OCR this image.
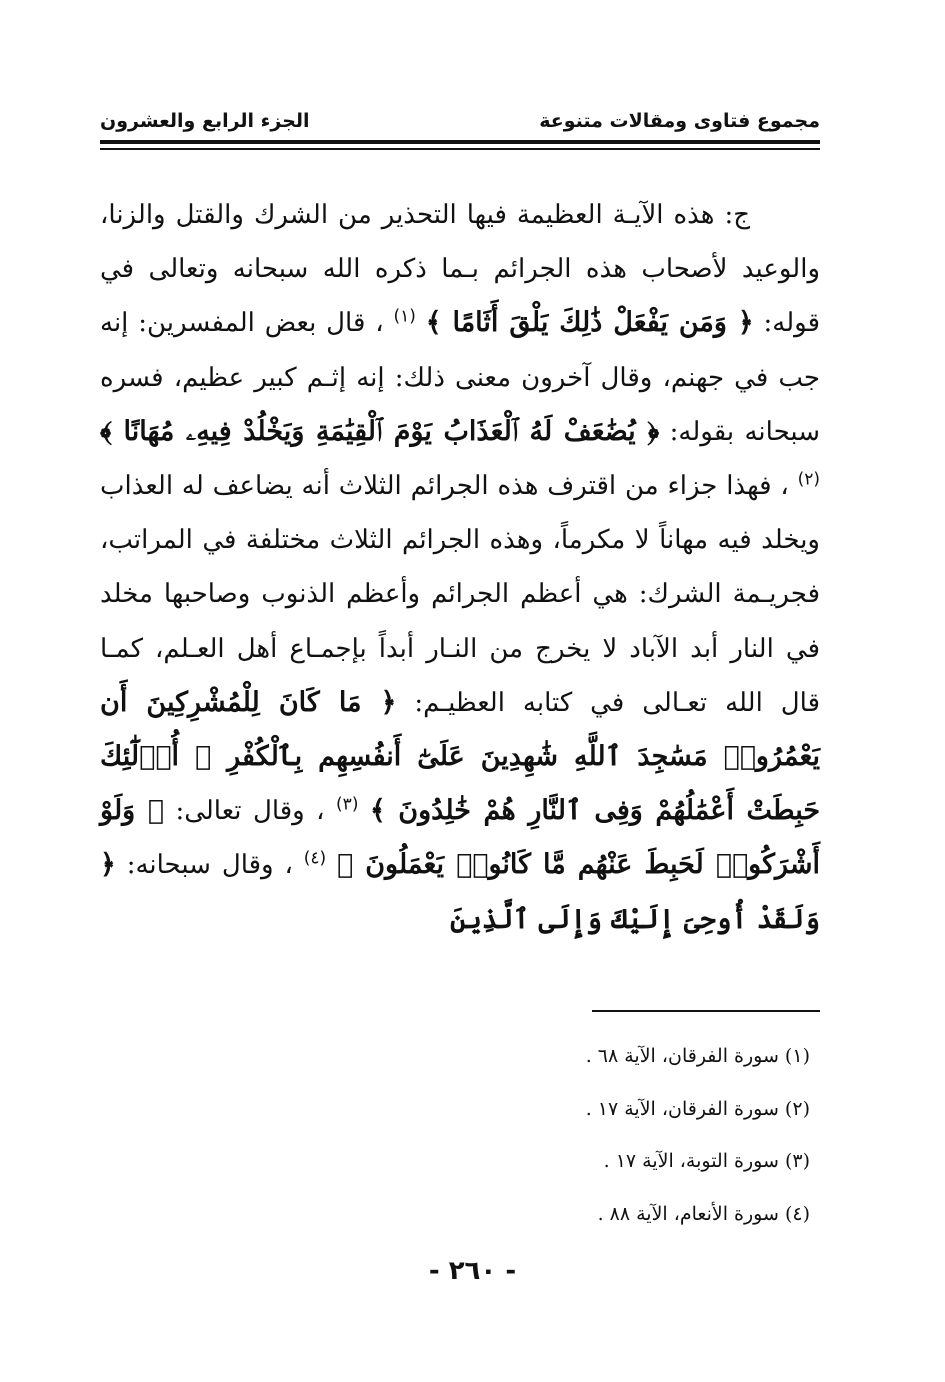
مجموع فتاوى ومقالات متنوعة
الجزء الرابع والعشرون

ج: هذه الآيـة العظيمة فيها التحذير من الشرك والقتل والزنا، والوعيد لأصحاب هذه الجرائم بـما ذكره الله سبحانه وتعالى في قوله: ﴿ وَمَن يَفْعَلْ ذَٰلِكَ يَلْقَ أَثَامًا ﴾ $^{(١)}$ ، قال بعض المفسرين: إنه جب في جهنم، وقال آخرون معنى ذلك: إنه إثـم كبير عظيم، فسره سبحانه بقوله: ﴿ يُضَٰعَفْ لَهُ ٱلْعَذَابُ يَوْمَ ٱلْقِيَٰمَةِ وَيَخْلُدْ فِيهِۦ مُهَانًا ﴾ $^{(٢)}$ ، فهذا جزاء من اقترف هذه الجرائم الثلاث أنه يضاعف له العذاب ويخلد فيه مهاناً لا مكرماً، وهذه الجرائم الثلاث مختلفة في المراتب، فجريـمة الشرك: هي أعظم الجرائم وأعظم الذنوب وصاحبها مخلد في النار أبد الآباد لا يخرج من النـار أبداً بإجمـاع أهل العـلم، كمـا قال الله تعـالى في كتابه العظيـم: ﴿ مَا كَانَ لِلْمُشْرِكِينَ أَن يَعْمُرُوا۟ مَسَٰجِدَ ٱللَّهِ شَٰهِدِينَ عَلَىٰٓ أَنفُسِهِم بِٱلْكُفْرِ ۚ أُو۟لَٰٓئِكَ حَبِطَتْ أَعْمَٰلُهُمْ وَفِى ٱلنَّارِ هُمْ خَٰلِدُونَ ﴾ $^{(٣)}$ ، وقال تعالى: ﴿ وَلَوْ أَشْرَكُوا۟ لَحَبِطَ عَنْهُم مَّا كَانُوا۟ يَعْمَلُونَ ﴾ $^{(٤)}$ ، وقال سبحانه: ﴿ وَلَقَدْ أُوحِىَ إِلَيْكَ وَإِلَى ٱلَّذِينَ

(١) سورة الفرقان، الآية ٦٨ .
(٢) سورة الفرقان، الآية ١٧ .
(٣) سورة التوبة، الآية ١٧ .
(٤) سورة الأنعام، الآية ٨٨ .
- ٢٦٠ -
